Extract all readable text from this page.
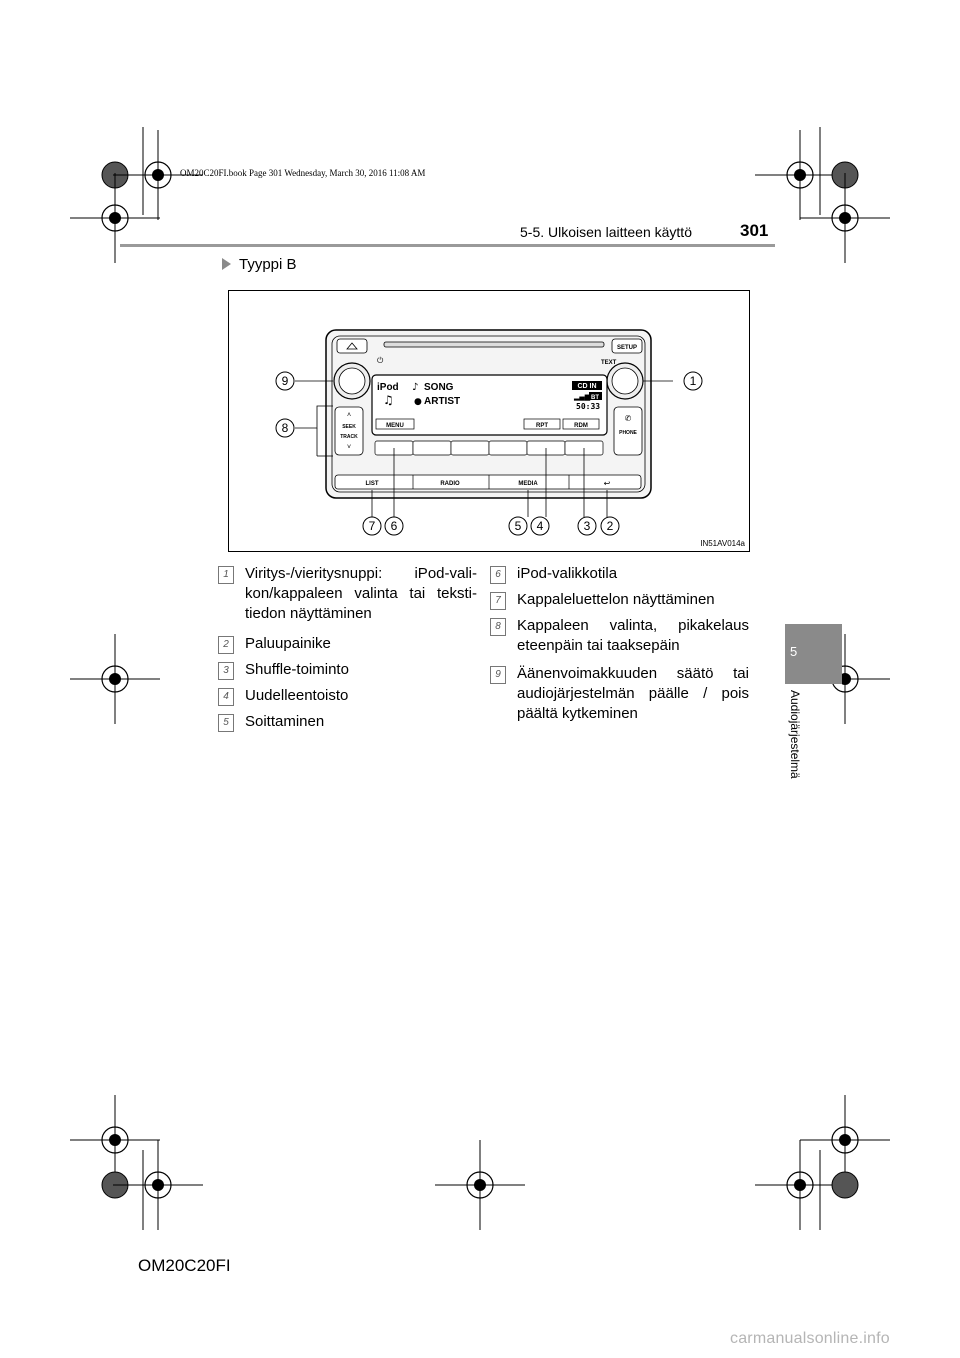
OM20C20FI.book Page 301 Wednesday, March 30, 2016 11:08 AM
5-5. Ulkoisen laitteen käyttö	301
5
Audiojärjestelmä
Tyyppi B
SETUP
⏻	TEXT
iPod ♪ SONG
♫ ● ARTIST
CD IN
BT
▂▄▆
50:33
MENU	RPT	RDM
˄
SEEK
TRACK
˅
✆
PHONE
LIST	RADIO	MEDIA	↩
9	1
8
7 6	5 4	3 2
IN51AV014a
1	Viritys-/vieritysnuppi: iPod-vali-kon/kappaleen valinta tai teksti-tiedon näyttäminen
2	Paluupainike
3	Shuffle-toiminto
4	Uudelleentoisto
5	Soittaminen
6	iPod-valikkotila
7	Kappaleluettelon näyttäminen
8	Kappaleen valinta, pikakelaus eteenpäin tai taaksepäin
9	Äänenvoimakkuuden säätö tai audiojärjestelmän päälle / pois päältä kytkeminen
OM20C20FI
carmanualsonline.info
